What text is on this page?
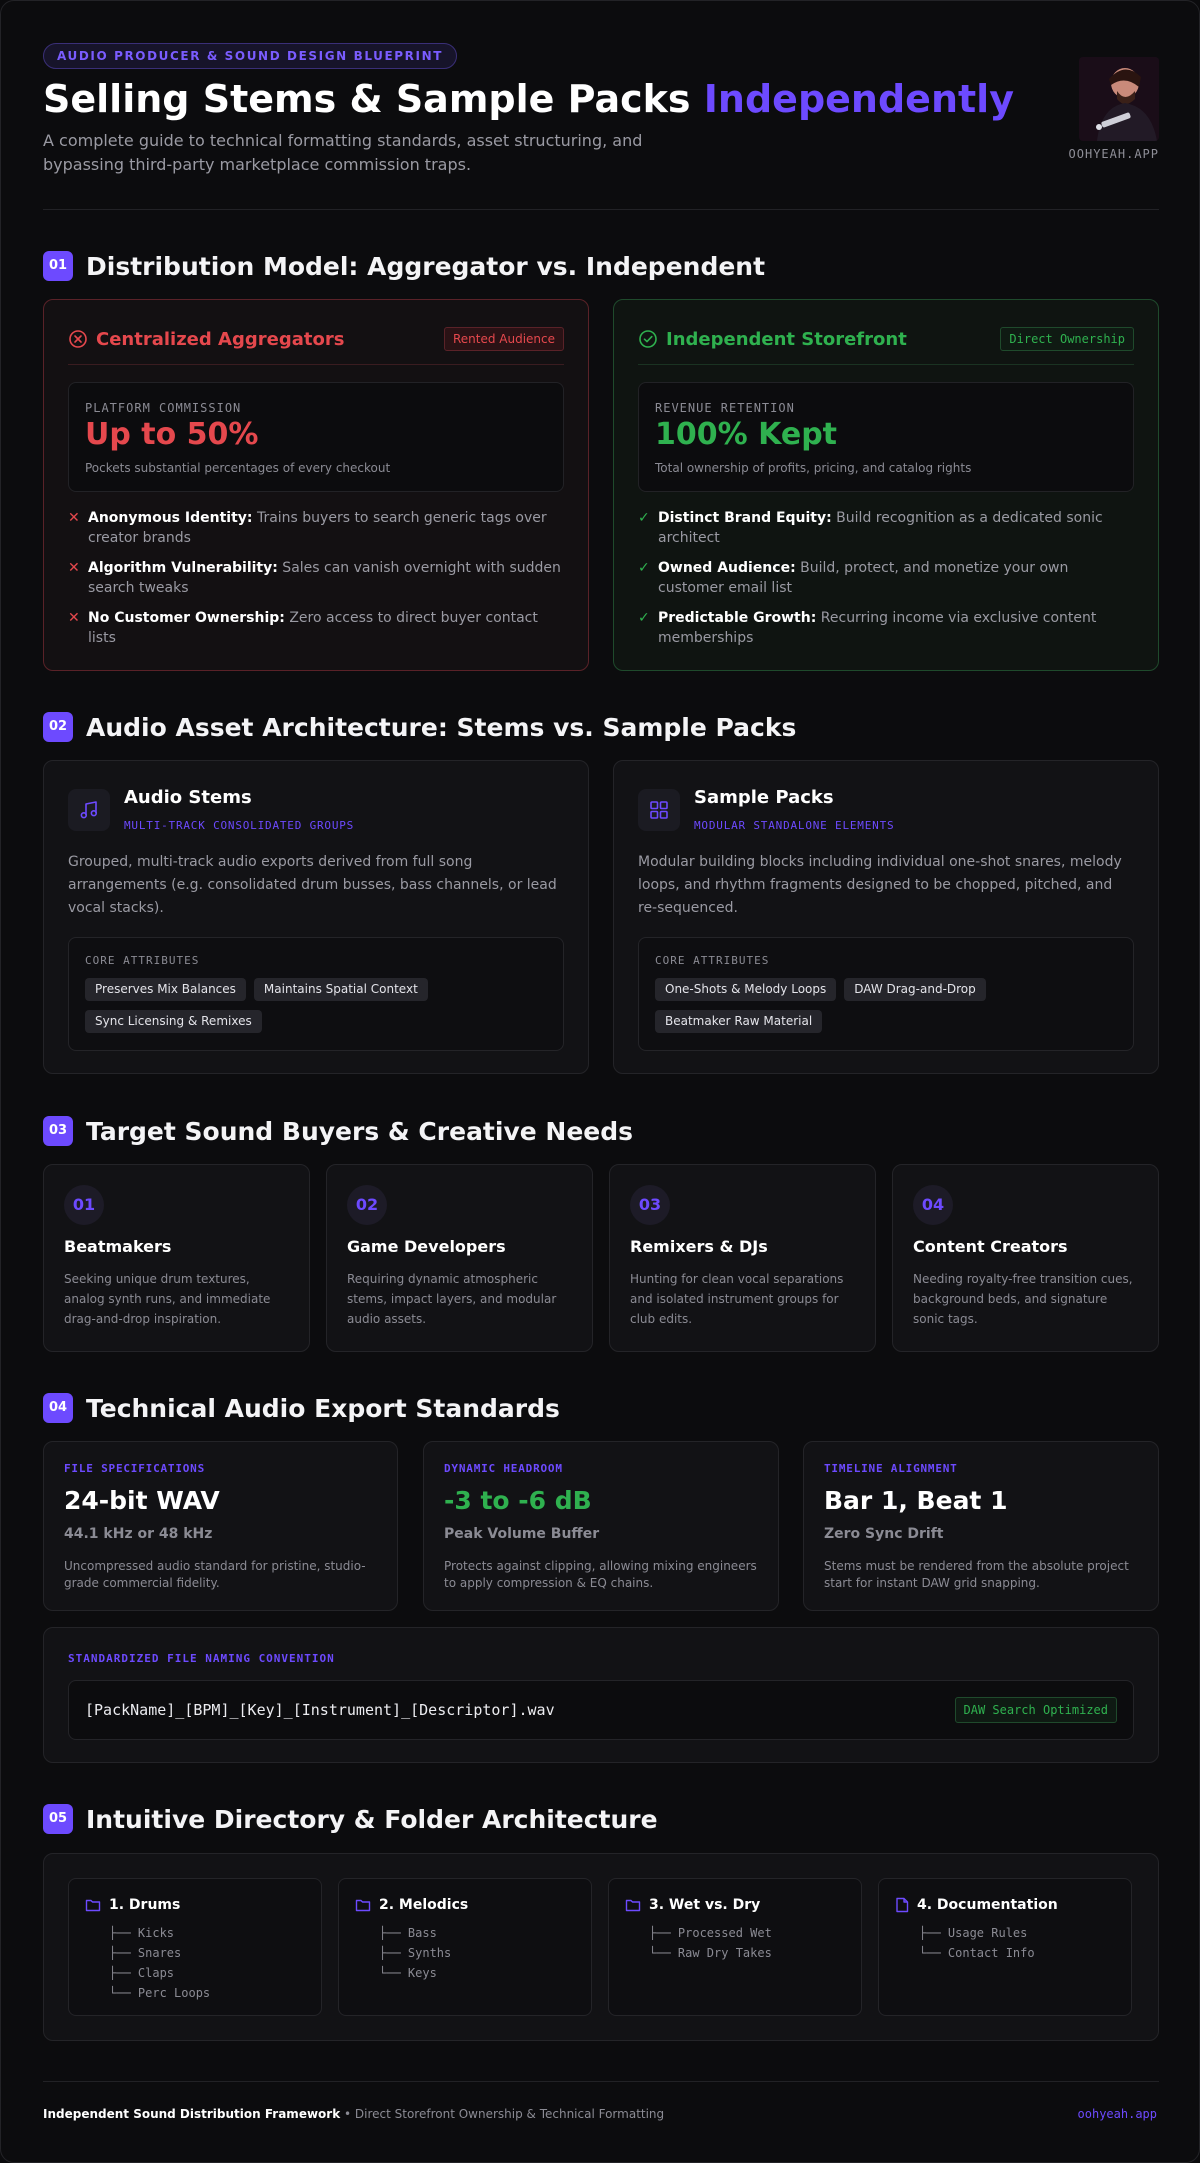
AUDIO PRODUCER & SOUND DESIGN BLUEPRINT
Selling Stems & Sample Packs Independently
A complete guide to technical formatting standards, asset structuring, and bypassing third-party marketplace commission traps.
OOHYEAH.APP
01 Distribution Model: Aggregator vs. Independent
Centralized Aggregators	Rented Audience
PLATFORM COMMISSION
Up to 50%
Pockets substantial percentages of every checkout
✕ Anonymous Identity: Trains buyers to search generic tags over creator brands
✕ Algorithm Vulnerability: Sales can vanish overnight with sudden search tweaks
✕ No Customer Ownership: Zero access to direct buyer contact lists
Independent Storefront	Direct Ownership
REVENUE RETENTION
100% Kept
Total ownership of profits, pricing, and catalog rights
✓ Distinct Brand Equity: Build recognition as a dedicated sonic architect
✓ Owned Audience: Build, protect, and monetize your own customer email list
✓ Predictable Growth: Recurring income via exclusive content memberships
02 Audio Asset Architecture: Stems vs. Sample Packs
Audio Stems
MULTI-TRACK CONSOLIDATED GROUPS
Grouped, multi-track audio exports derived from full song arrangements (e.g. consolidated drum busses, bass channels, or lead vocal stacks).
CORE ATTRIBUTES
Preserves Mix Balances	Maintains Spatial Context
Sync Licensing & Remixes
Sample Packs
MODULAR STANDALONE ELEMENTS
Modular building blocks including individual one-shot snares, melody loops, and rhythm fragments designed to be chopped, pitched, and re-sequenced.
CORE ATTRIBUTES
One-Shots & Melody Loops	DAW Drag-and-Drop
Beatmaker Raw Material
03 Target Sound Buyers & Creative Needs
01
Beatmakers
Seeking unique drum textures, analog synth runs, and immediate drag-and-drop inspiration.
02
Game Developers
Requiring dynamic atmospheric stems, impact layers, and modular audio assets.
03
Remixers & DJs
Hunting for clean vocal separations and isolated instrument groups for club edits.
04
Content Creators
Needing royalty-free transition cues, background beds, and signature sonic tags.
04 Technical Audio Export Standards
FILE SPECIFICATIONS
24-bit WAV
44.1 kHz or 48 kHz
Uncompressed audio standard for pristine, studio-grade commercial fidelity.
DYNAMIC HEADROOM
-3 to -6 dB
Peak Volume Buffer
Protects against clipping, allowing mixing engineers to apply compression & EQ chains.
TIMELINE ALIGNMENT
Bar 1, Beat 1
Zero Sync Drift
Stems must be rendered from the absolute project start for instant DAW grid snapping.
STANDARDIZED FILE NAMING CONVENTION
[PackName]_[BPM]_[Key]_[Instrument]_[Descriptor].wav	DAW Search Optimized
05 Intuitive Directory & Folder Architecture
1. Drums
├── Kicks
├── Snares
├── Claps
└── Perc Loops
2. Melodics
├── Bass
├── Synths
└── Keys
3. Wet vs. Dry
├── Processed Wet
└── Raw Dry Takes
4. Documentation
├── Usage Rules
└── Contact Info
Independent Sound Distribution Framework • Direct Storefront Ownership & Technical Formatting	oohyeah.app
